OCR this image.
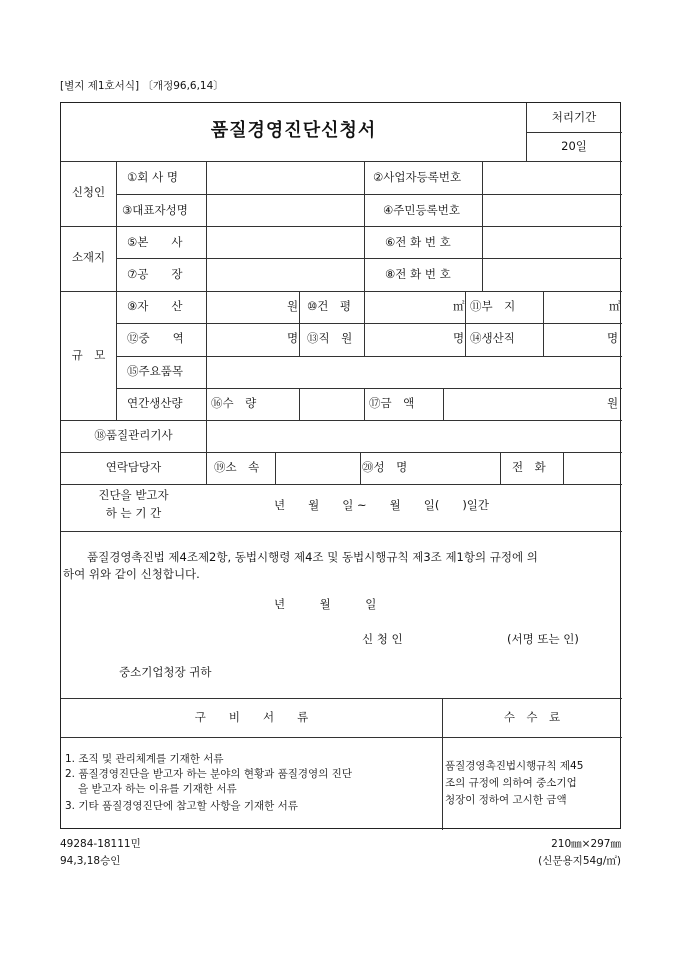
[별지 제1호서식] 〔개정96,6,14〕
품질경영진단신청서
처리기간
20일
신청인
①회 사 명	②사업자등록번호
③대표자성명	④주민등록번호
소재지
⑤본　　사	⑥전 화 번 호
⑦공　　장	⑧전 화 번 호
규　모
⑨자　　산	원 ⑩건　평	㎡ ⑪부　지	㎡
⑫중　　역	명 ⑬직　원	명 ⑭생산직	명
⑮주요품목
연간생산량 ⑯수　량	⑰금　액	원
⑱품질관리기사
연락담당자	⑲소　속	⑳성　명	전　화
진단을 받고자
하 는 기 간
년　　월　　일 ~　　월　　일(　　)일간
품질경영촉진법 제4조제2항, 동법시행령 제4조 및 동법시행규칙 제3조 제1항의 규정에 의
하여 위와 같이 신청합니다.
년　　　월　　　일
신 청 인	(서명 또는 인)
중소기업청장 귀하
구　　비　　서　　류	수　수　료
1. 조직 및 관리체계를 기재한 서류
2. 품질경영진단을 받고자 하는 분야의 현황과 품질경영의 진단
을 받고자 하는 이유를 기재한 서류
3. 기타 품질경영진단에 참고할 사항을 기재한 서류
품질경영촉진법시행규칙 제45
조의 규정에 의하여 중소기업
청장이 정하여 고시한 금액
49284-18111민
94,3,18승인
210㎜×297㎜
(신문용지54g/㎡)
